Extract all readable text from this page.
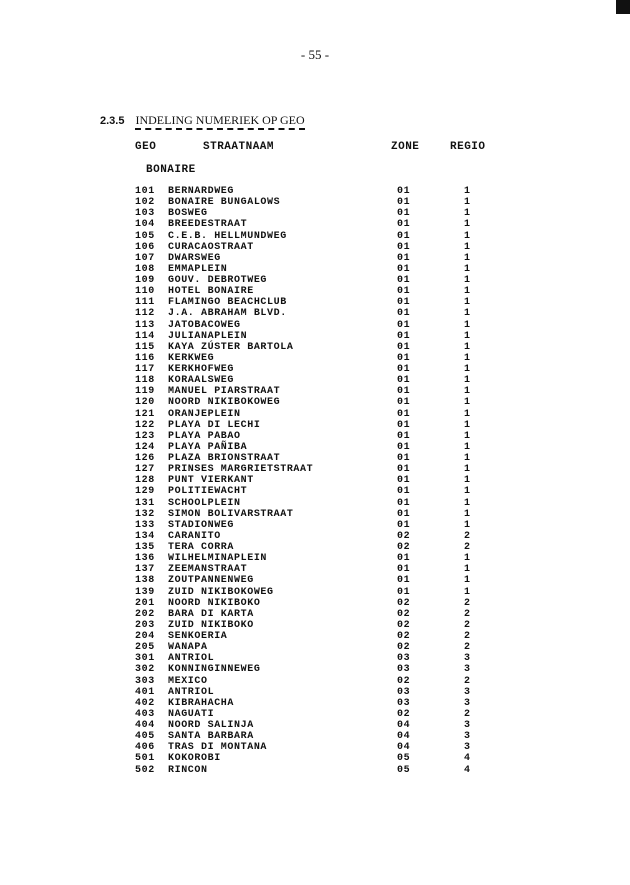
- 55 -
2.3.5 INDELING NUMERIEK OP GEO
GEO	STRAATNAAM	ZONE	REGIO
BONAIRE
101 BERNARDWEG	01	1
102 BONAIRE BUNGALOWS	01	1
103 BOSWEG	01	1
104 BREEDESTRAAT	01	1
105 C.E.B. HELLMUNDWEG	01	1
106 CURACAOSTRAAT	01	1
107 DWARSWEG	01	1
108 EMMAPLEIN	01	1
109 GOUV. DEBROTWEG	01	1
110 HOTEL BONAIRE	01	1
111 FLAMINGO BEACHCLUB	01	1
112 J.A. ABRAHAM BLVD.	01	1
113 JATOBACOWEG	01	1
114 JULIANAPLEIN	01	1
115 KAYA ZÚSTER BARTOLA	01	1
116 KERKWEG	01	1
117 KERKHOFWEG	01	1
118 KORAALSWEG	01	1
119 MANUEL PIARSTRAAT	01	1
120 NOORD NIKIBOKOWEG	01	1
121 ORANJEPLEIN	01	1
122 PLAYA DI LECHI	01	1
123 PLAYA PABAO	01	1
124 PLAYA PAÑIBA	01	1
126 PLAZA BRIONSTRAAT	01	1
127 PRINSES MARGRIETSTRAAT	01	1
128 PUNT VIERKANT	01	1
129 POLITIEWACHT	01	1
131 SCHOOLPLEIN	01	1
132 SIMON BOLIVARSTRAAT	01	1
133 STADIONWEG	01	1
134 CARANITO	02	2
135 TERA CORRA	02	2
136 WILHELMINAPLEIN	01	1
137 ZEEMANSTRAAT	01	1
138 ZOUTPANNENWEG	01	1
139 ZUID NIKIBOKOWEG	01	1
201 NOORD NIKIBOKO	02	2
202 BARA DI KARTA	02	2
203 ZUID NIKIBOKO	02	2
204 SENKOERIA	02	2
205 WANAPA	02	2
301 ANTRIOL	03	3
302 KONNINGINNEWEG	03	3
303 MEXICO	02	2
401 ANTRIOL	03	3
402 KIBRAHACHA	03	3
403 NAGUATI	02	2
404 NOORD SALINJA	04	3
405 SANTA BARBARA	04	3
406 TRAS DI MONTANA	04	3
501 KOKOROBI	05	4
502 RINCON	05	4
